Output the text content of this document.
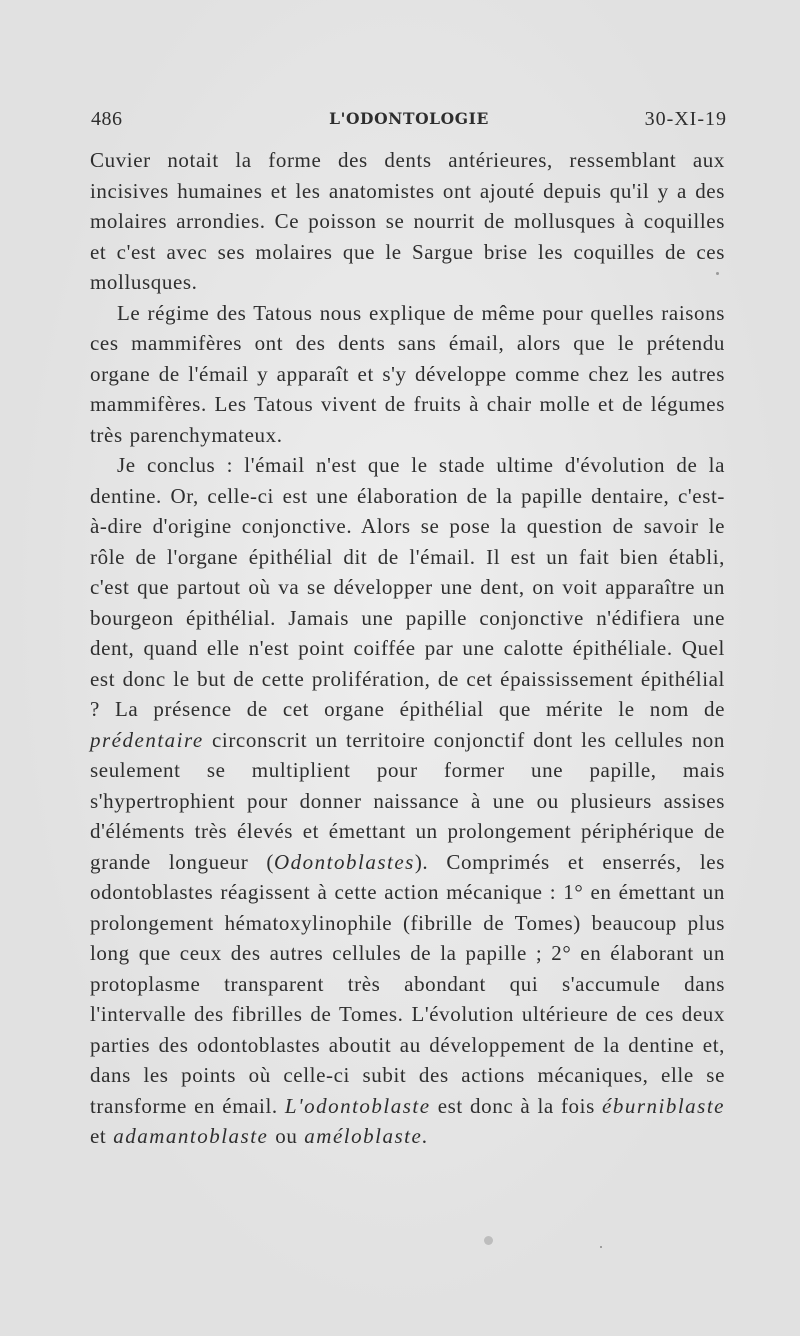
486	L'ODONTOLOGIE	30-XI-19

Cuvier notait la forme des dents antérieures, ressemblant aux incisives humaines et les anatomistes ont ajouté depuis qu'il y a des molaires arrondies. Ce poisson se nourrit de mollusques à coquilles et c'est avec ses molaires que le Sargue brise les coquilles de ces mollusques.

Le régime des Tatous nous explique de même pour quelles raisons ces mammifères ont des dents sans émail, alors que le prétendu organe de l'émail y apparaît et s'y développe comme chez les autres mammifères. Les Tatous vivent de fruits à chair molle et de légumes très parenchymateux.

Je conclus : l'émail n'est que le stade ultime d'évolution de la dentine. Or, celle-ci est une élaboration de la papille dentaire, c'est-à-dire d'origine conjonctive. Alors se pose la question de savoir le rôle de l'organe épithélial dit de l'émail. Il est un fait bien établi, c'est que partout où va se développer une dent, on voit apparaître un bourgeon épithélial. Jamais une papille conjonctive n'édifiera une dent, quand elle n'est point coiffée par une calotte épithéliale. Quel est donc le but de cette prolifération, de cet épaississement épithélial ? La présence de cet organe épithélial que mérite le nom de prédentaire circonscrit un territoire conjonctif dont les cellules non seulement se multiplient pour former une papille, mais s'hypertrophient pour donner naissance à une ou plusieurs assises d'éléments très élevés et émettant un prolongement périphérique de grande longueur (Odontoblastes). Comprimés et enserrés, les odontoblastes réagissent à cette action mécanique : 1° en émettant un prolongement hématoxylinophile (fibrille de Tomes) beaucoup plus long que ceux des autres cellules de la papille ; 2° en élaborant un protoplasme transparent très abondant qui s'accumule dans l'intervalle des fibrilles de Tomes. L'évolution ultérieure de ces deux parties des odontoblastes aboutit au développement de la dentine et, dans les points où celle-ci subit des actions mécaniques, elle se transforme en émail. L'odontoblaste est donc à la fois éburniblaste et adamantoblaste ou améloblaste.
